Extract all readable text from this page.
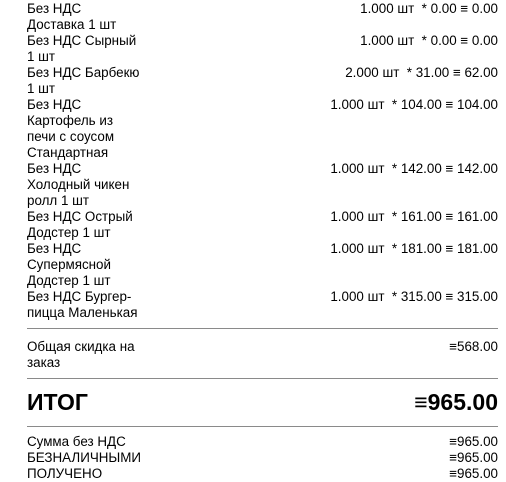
Без НДС
Доставка 1 шт
1.000 шт  * 0.00 ≡ 0.00
Без НДС Сырный
1 шт
1.000 шт  * 0.00 ≡ 0.00
Без НДС Барбекю
1 шт
2.000 шт  * 31.00 ≡ 62.00
Без НДС
Картофель из
печи с соусом
Стандартная
1.000 шт  * 104.00 ≡ 104.00
Без НДС
Холодный чикен
ролл 1 шт
1.000 шт  * 142.00 ≡ 142.00
Без НДС Острый
Додстер 1 шт
1.000 шт  * 161.00 ≡ 161.00
Без НДС
Супермясной
Додстер 1 шт
1.000 шт  * 181.00 ≡ 181.00
Без НДС Бургер-
пицца Маленькая
1.000 шт  * 315.00 ≡ 315.00
Общая скидка на
заказ
≡568.00
ИТОГ	≡965.00
Сумма без НДС	≡965.00
БЕЗНАЛИЧНЫМИ	≡965.00
ПОЛУЧЕНО	≡965.00
